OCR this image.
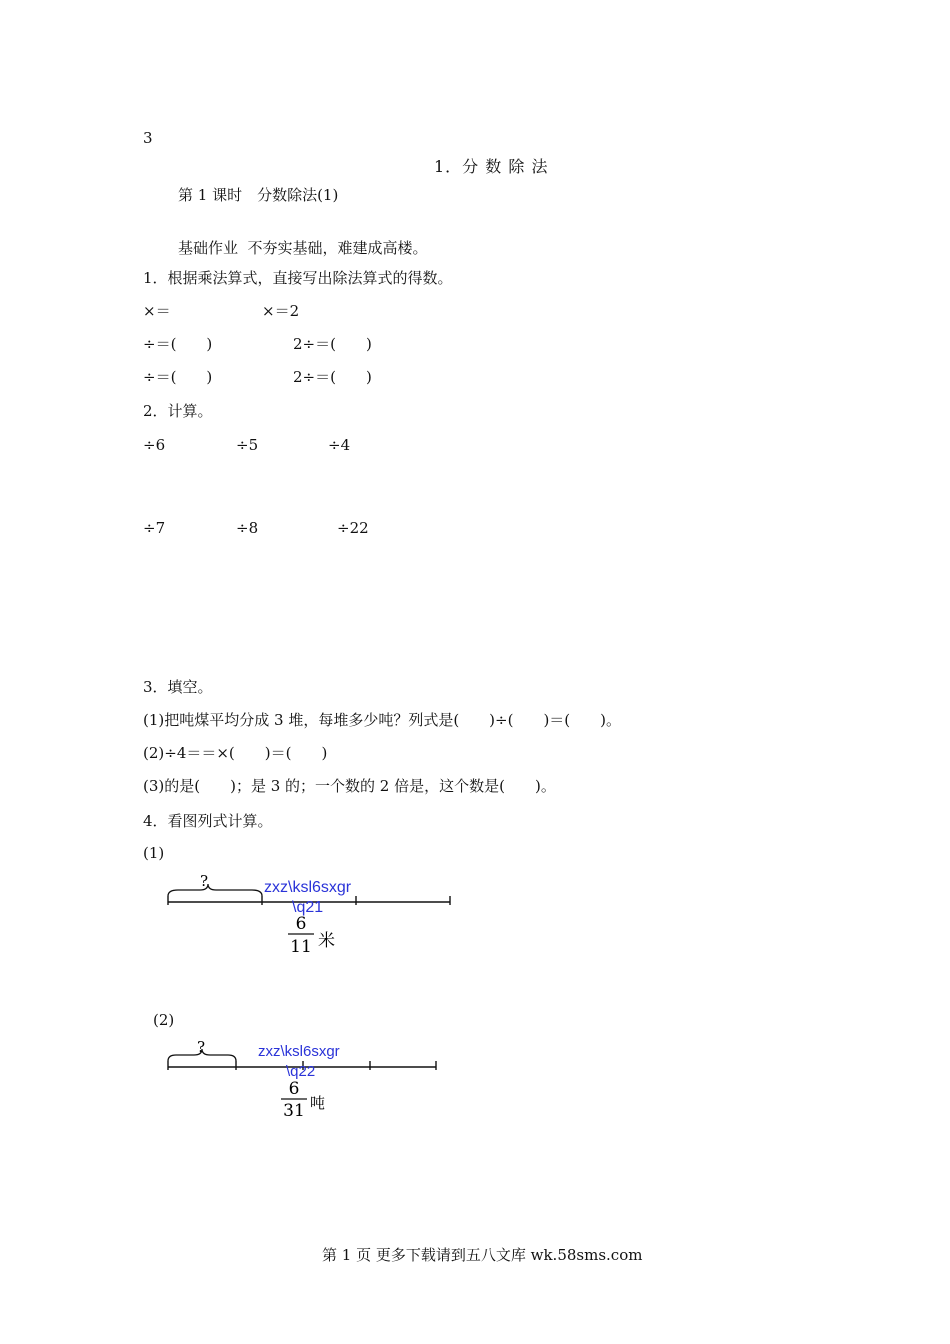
3
1．分 数 除 法
第 1 课时　分数除法(1)
基础作业  不夯实基础，难建成高楼。
1．根据乘法算式，直接写出除法算式的得数。
×＝	×＝2
÷＝(　　)	2÷＝(　　)
÷＝(　　)	2÷＝(　　)
2．计算。
÷6	÷5	÷4
÷7	÷8	÷22
3．填空。
(1)把吨煤平均分成 3 堆，每堆多少吨？列式是(　　)÷(　　)＝(　　)。
(2)÷4＝＝×(　　)＝(　　)
(3)的是(　　)；是 3 的；一个数的 2 倍是，这个数是(　　)。
4．看图列式计算。
(1)
?	zxz\ksl6sxgr
\q21
6
11 米
(2)
?	zxz\ksl6sxgr
\q22
6
31 吨
第 1 页 更多下载请到五八文库 wk.58sms.com
